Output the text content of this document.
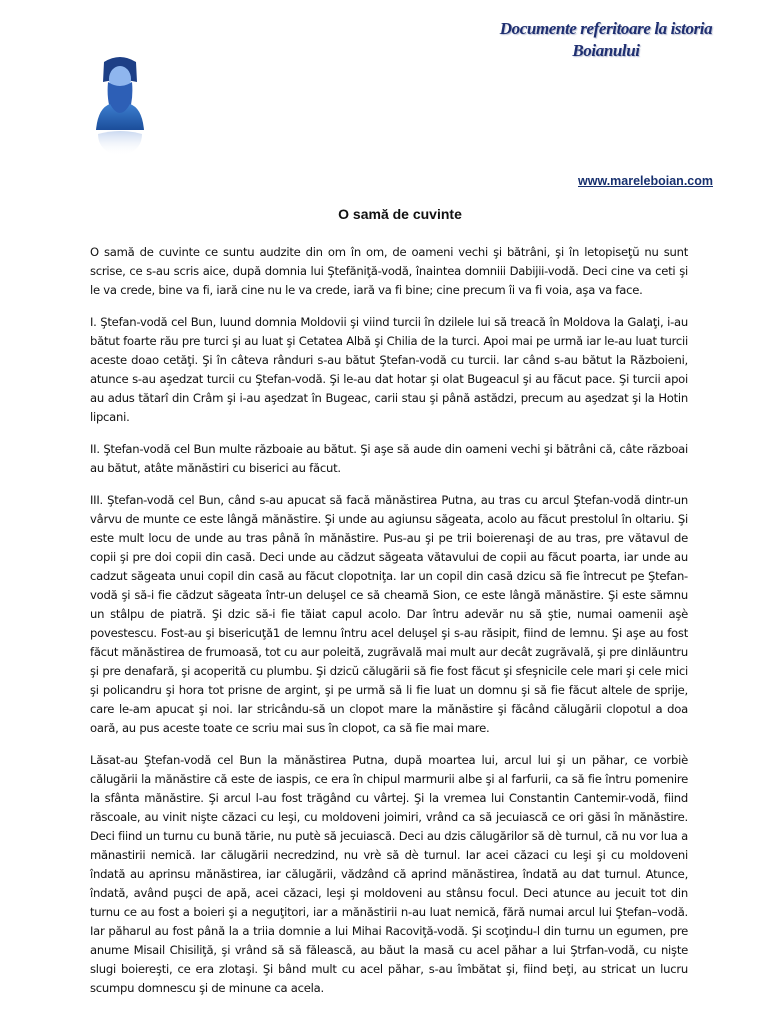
Documente referitoare la istoria Boianului
www.mareleboian.com
O samă de cuvinte

O samă de cuvinte ce suntu audzite din om în om, de oameni vechi şi bătrâni, şi în letopiseţŭ nu sunt scrise, ce s-au scris aice, după domnia lui Ştefăniţă-vodă, înaintea domniii Dabijii-vodă. Deci cine va ceti şi le va crede, bine va fi, iară cine nu le va crede, iară va fi bine; cine precum îi va fi voia, aşa va face.

I. Ştefan-vodă cel Bun, luund domnia Moldovii şi viind turcii în dzilele lui să treacă în Moldova la Galaţi, i-au bătut foarte rău pre turci şi au luat şi Cetatea Albă şi Chilia de la turci. Apoi mai pe urmă iar le-au luat turcii aceste doao cetăţi. Şi în câteva rânduri s-au bătut Ştefan-vodă cu turcii. Iar când s-au bătut la Războieni, atunce s-au aşedzat turcii cu Ştefan-vodă. Şi le-au dat hotar şi olat Bugeacul şi au făcut pace. Şi turcii apoi au adus tătarî din Crâm şi i-au aşedzat în Bugeac, carii stau şi până astădzi, precum au aşedzat şi la Hotin lipcani.

II. Ştefan-vodă cel Bun multe războaie au bătut. Şi aşe să aude din oameni vechi şi bătrâni că, câte războai au bătut, atâte mănăstiri cu biserici au făcut.

III. Ştefan-vodă cel Bun, când s-au apucat să facă mănăstirea Putna, au tras cu arcul Ştefan-vodă dintr-un vârvu de munte ce este lângă mănăstire. Şi unde au agiunsu săgeata, acolo au făcut prestolul în oltariu. Şi este mult locu de unde au tras până în mănăstire. Pus-au şi pe trii boierenaşi de au tras, pre vătavul de copii şi pre doi copii din casă. Deci unde au cădzut săgeata vătavului de copii au făcut poarta, iar unde au cadzut săgeata unui copil din casă au făcut clopotniţa. Iar un copil din casă dzicu să fie întrecut pe Ştefan-vodă şi să-i fie cădzut săgeata într-un deluşel ce să cheamă Sion, ce este lângă mănăstire. Şi este sămnu un stâlpu de piatră. Şi dzic să-i fie tăiat capul acolo. Dar întru adevăr nu să ştie, numai oamenii aşè povestescu. Fost-au şi bisericuţă1 de lemnu întru acel deluşel şi s-au răsipit, fiind de lemnu. Şi aşe au fost făcut mănăstirea de frumoasă, tot cu aur poleită, zugrăvală mai mult aur decât zugrăvală, şi pre dinlăuntru şi pre denafară, şi acoperită cu plumbu. Şi dzicŭ călugării să fie fost făcut şi sfeşnicile cele mari şi cele mici şi policandru şi hora tot prisne de argint, şi pe urmă să li fie luat un domnu şi să fie făcut altele de sprije, care le-am apucat şi noi. Iar stricându-să un clopot mare la mănăstire şi făcând călugării clopotul a doa oară, au pus aceste toate ce scriu mai sus în clopot, ca să fie mai mare.

Lăsat-au Ştefan-vodă cel Bun la mănăstirea Putna, după moartea lui, arcul lui şi un păhar, ce vorbiè călugării la mănăstire că este de iaspis, ce era în chipul marmurii albe şi al farfurii, ca să fie întru pomenire la sfânta mănăstire. Şi arcul l-au fost trăgând cu vârtej. Şi la vremea lui Constantin Cantemir-vodă, fiind răscoale, au vinit nişte căzaci cu leşi, cu moldoveni joimiri, vrând ca să jecuiască ce ori găsi în mănăstire. Deci fiind un turnu cu bună tărie, nu putè să jecuiască. Deci au dzis călugărilor să dè turnul, că nu vor lua a mănastirii nemică. Iar călugării necredzind, nu vrè să dè turnul. Iar acei căzaci cu leşi şi cu moldoveni îndată au aprinsu mănăstirea, iar călugării, vădzând că aprind mănăstirea, îndată au dat turnul. Atunce, îndată, având puşci de apă, acei căzaci, leşi şi moldoveni au stânsu focul. Deci atunce au jecuit tot din turnu ce au fost a boieri şi a neguţitori, iar a mănăstirii n-au luat nemică, fără numai arcul lui Ştefan–vodă. Iar păharul au fost până la a triia domnie a lui Mihai Racoviţă-vodă. Şi scoţindu-l din turnu un egumen, pre anume Misail Chisiliţă, şi vrând să să fălească, au băut la masă cu acel păhar a lui Ştrfan-vodă, cu nişte slugi boiereşti, ce era zlotaşi. Şi bând mult cu acel păhar, s-au îmbătat şi, fiind beţi, au stricat un lucru scumpu domnescu şi de minune ca acela.
